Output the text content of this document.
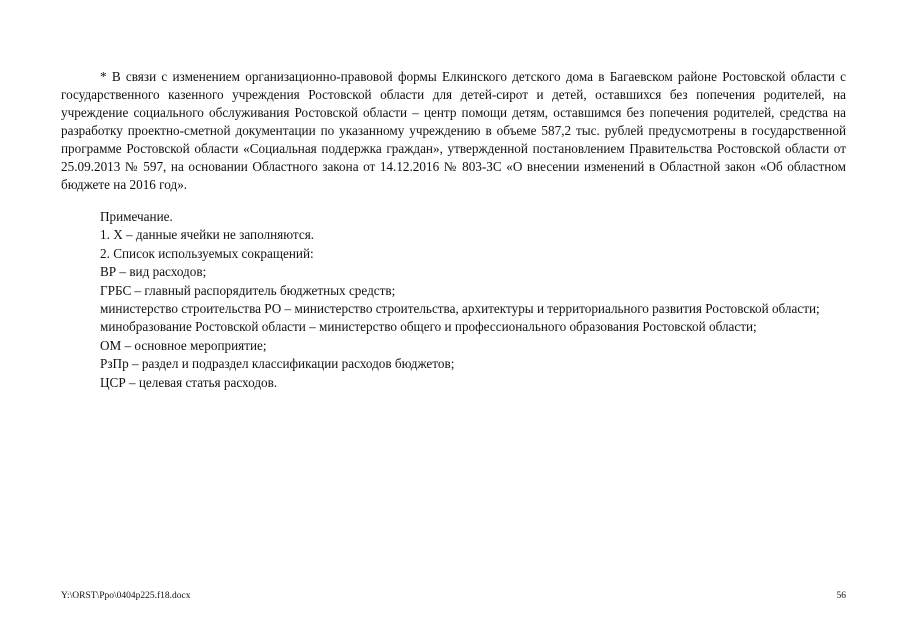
* В связи с изменением организационно-правовой формы Елкинского детского дома в Багаевском районе Ростовской области с государственного казенного учреждения Ростовской области для детей-сирот и детей, оставшихся без попечения родителей, на учреждение социального обслуживания Ростовской области – центр помощи детям, оставшимся без попечения родителей, средства на разработку проектно-сметной документации по указанному учреждению в объеме 587,2 тыс. рублей предусмотрены в государственной программе Ростовской области «Социальная поддержка граждан», утвержденной постановлением Правительства Ростовской области от 25.09.2013 № 597, на основании Областного закона от 14.12.2016 № 803-ЗС «О внесении изменений в Областной закон «Об областном бюджете на 2016 год».

Примечание.

1. Х – данные ячейки не заполняются.

2. Список используемых сокращений:

ВР – вид расходов;

ГРБС – главный распорядитель бюджетных средств;

министерство строительства РО – министерство строительства, архитектуры и территориального развития Ростовской области;

минобразование Ростовской области – министерство общего и профессионального образования Ростовской области;

ОМ – основное мероприятие;

РзПр – раздел и подраздел классификации расходов бюджетов;

ЦСР – целевая статья расходов.

Y:\ORST\Ppo\0404p225.f18.docx	56
